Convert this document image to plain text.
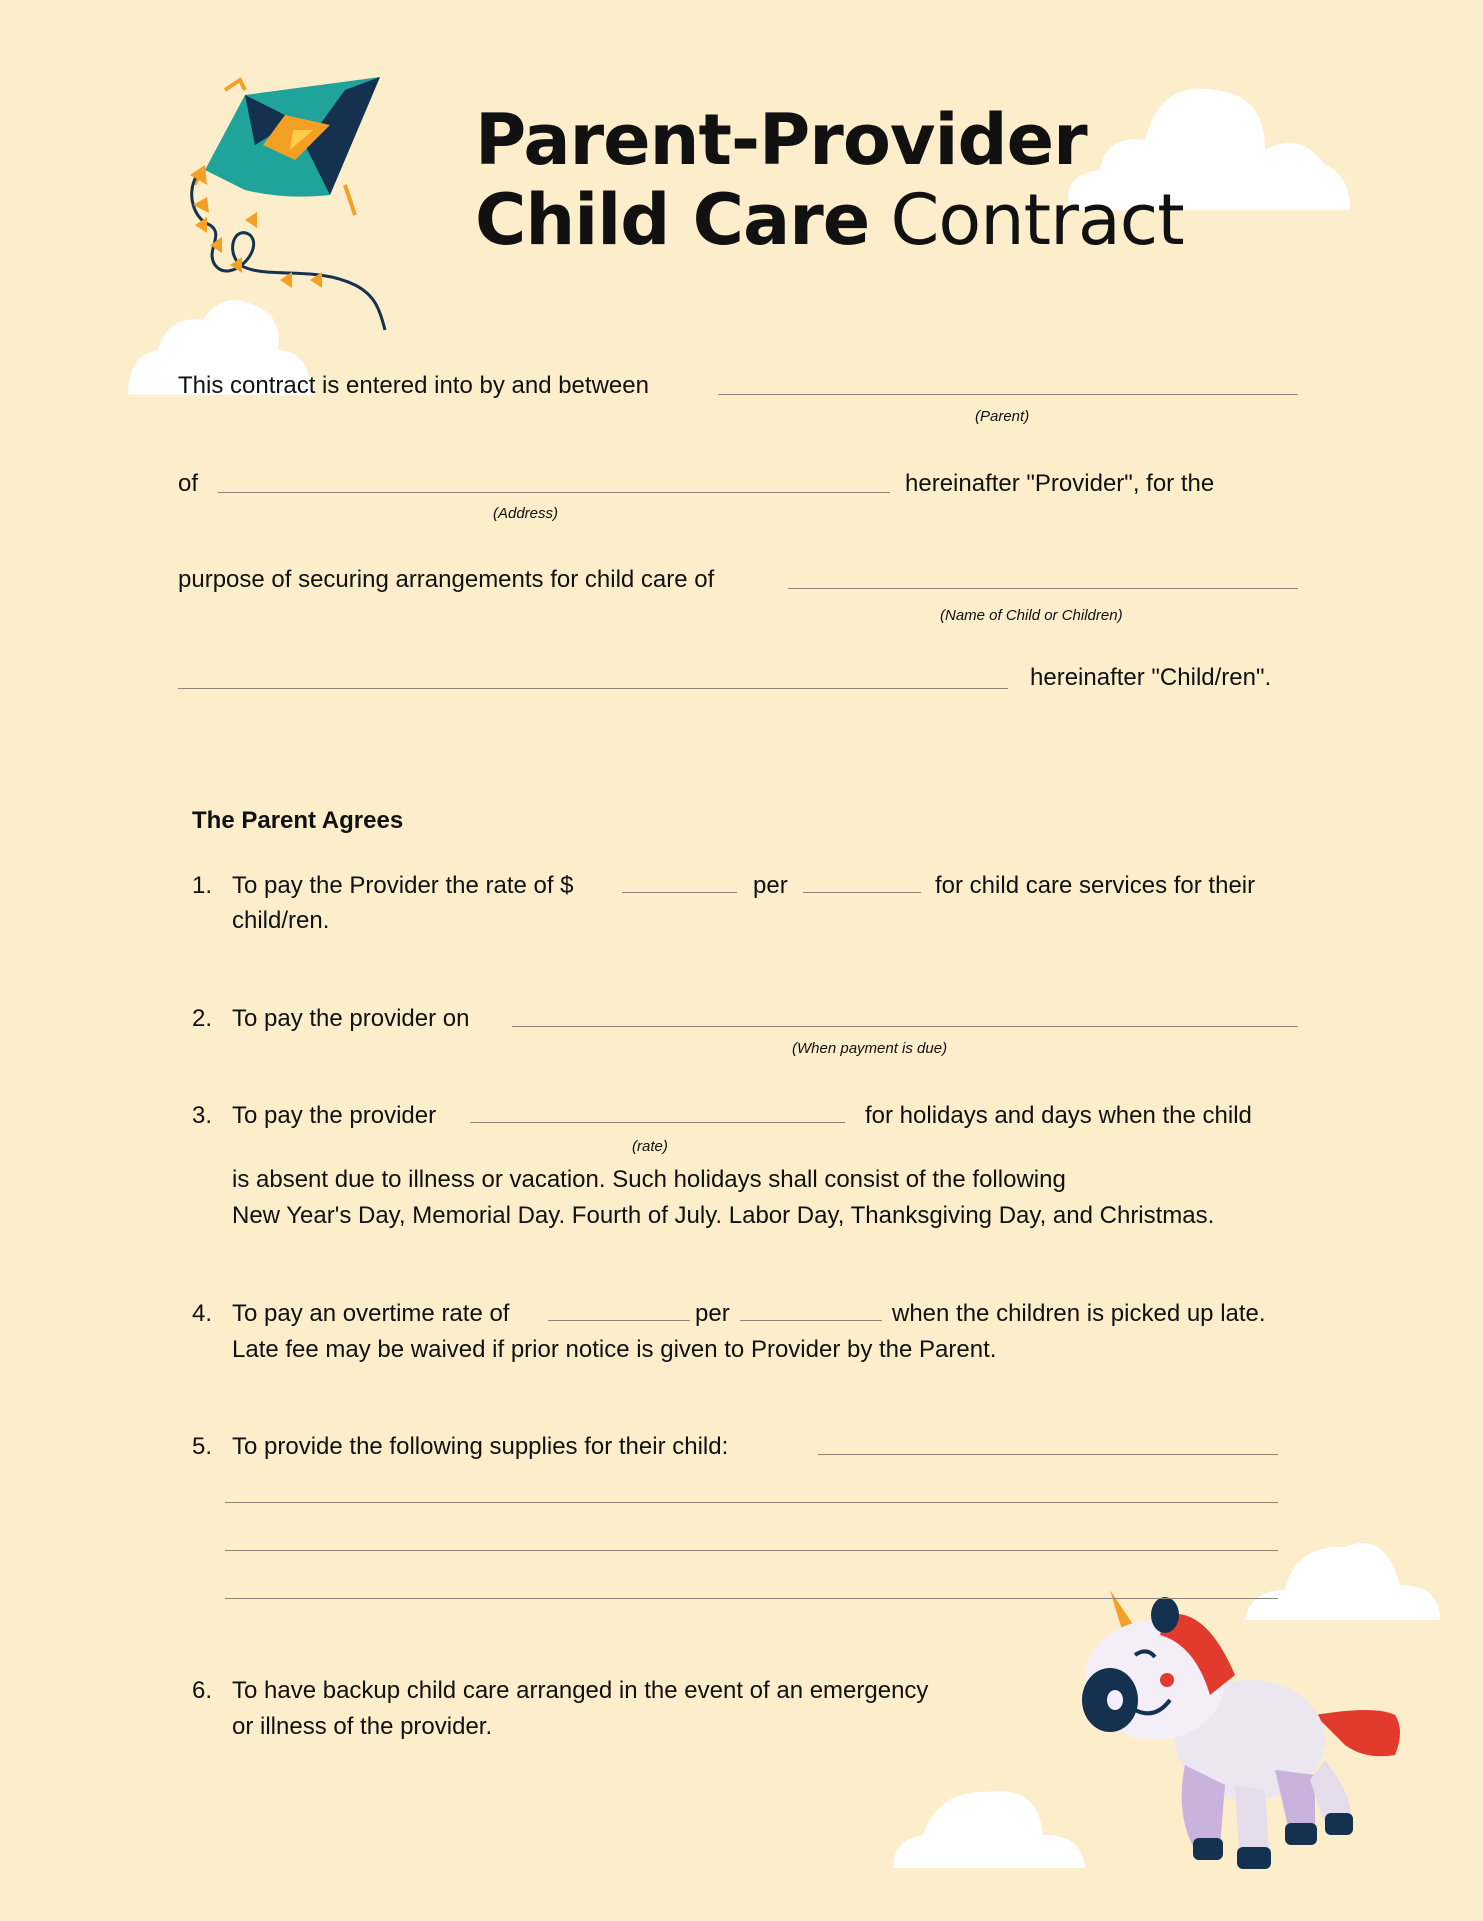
Parent-Provider
Child Care Contract
This contract is entered into by and between
(Parent)
of	hereinafter "Provider", for the
(Address)
purpose of securing arrangements for child care of
(Name of Child or Children)
hereinafter "Child/ren".
The Parent Agrees
1. To pay the Provider the rate of $	per	for child care services for their
child/ren.
2. To pay the provider on
(When payment is due)
3. To pay the provider	for holidays and days when the child
(rate)
is absent due to illness or vacation. Such holidays shall consist of the following
New Year's Day, Memorial Day. Fourth of July. Labor Day, Thanksgiving Day, and Christmas.
4. To pay an overtime rate of	per	when the children is picked up late.
Late fee may be waived if prior notice is given to Provider by the Parent.
5. To provide the following supplies for their child:
6. To have backup child care arranged in the event of an emergency
or illness of the provider.
